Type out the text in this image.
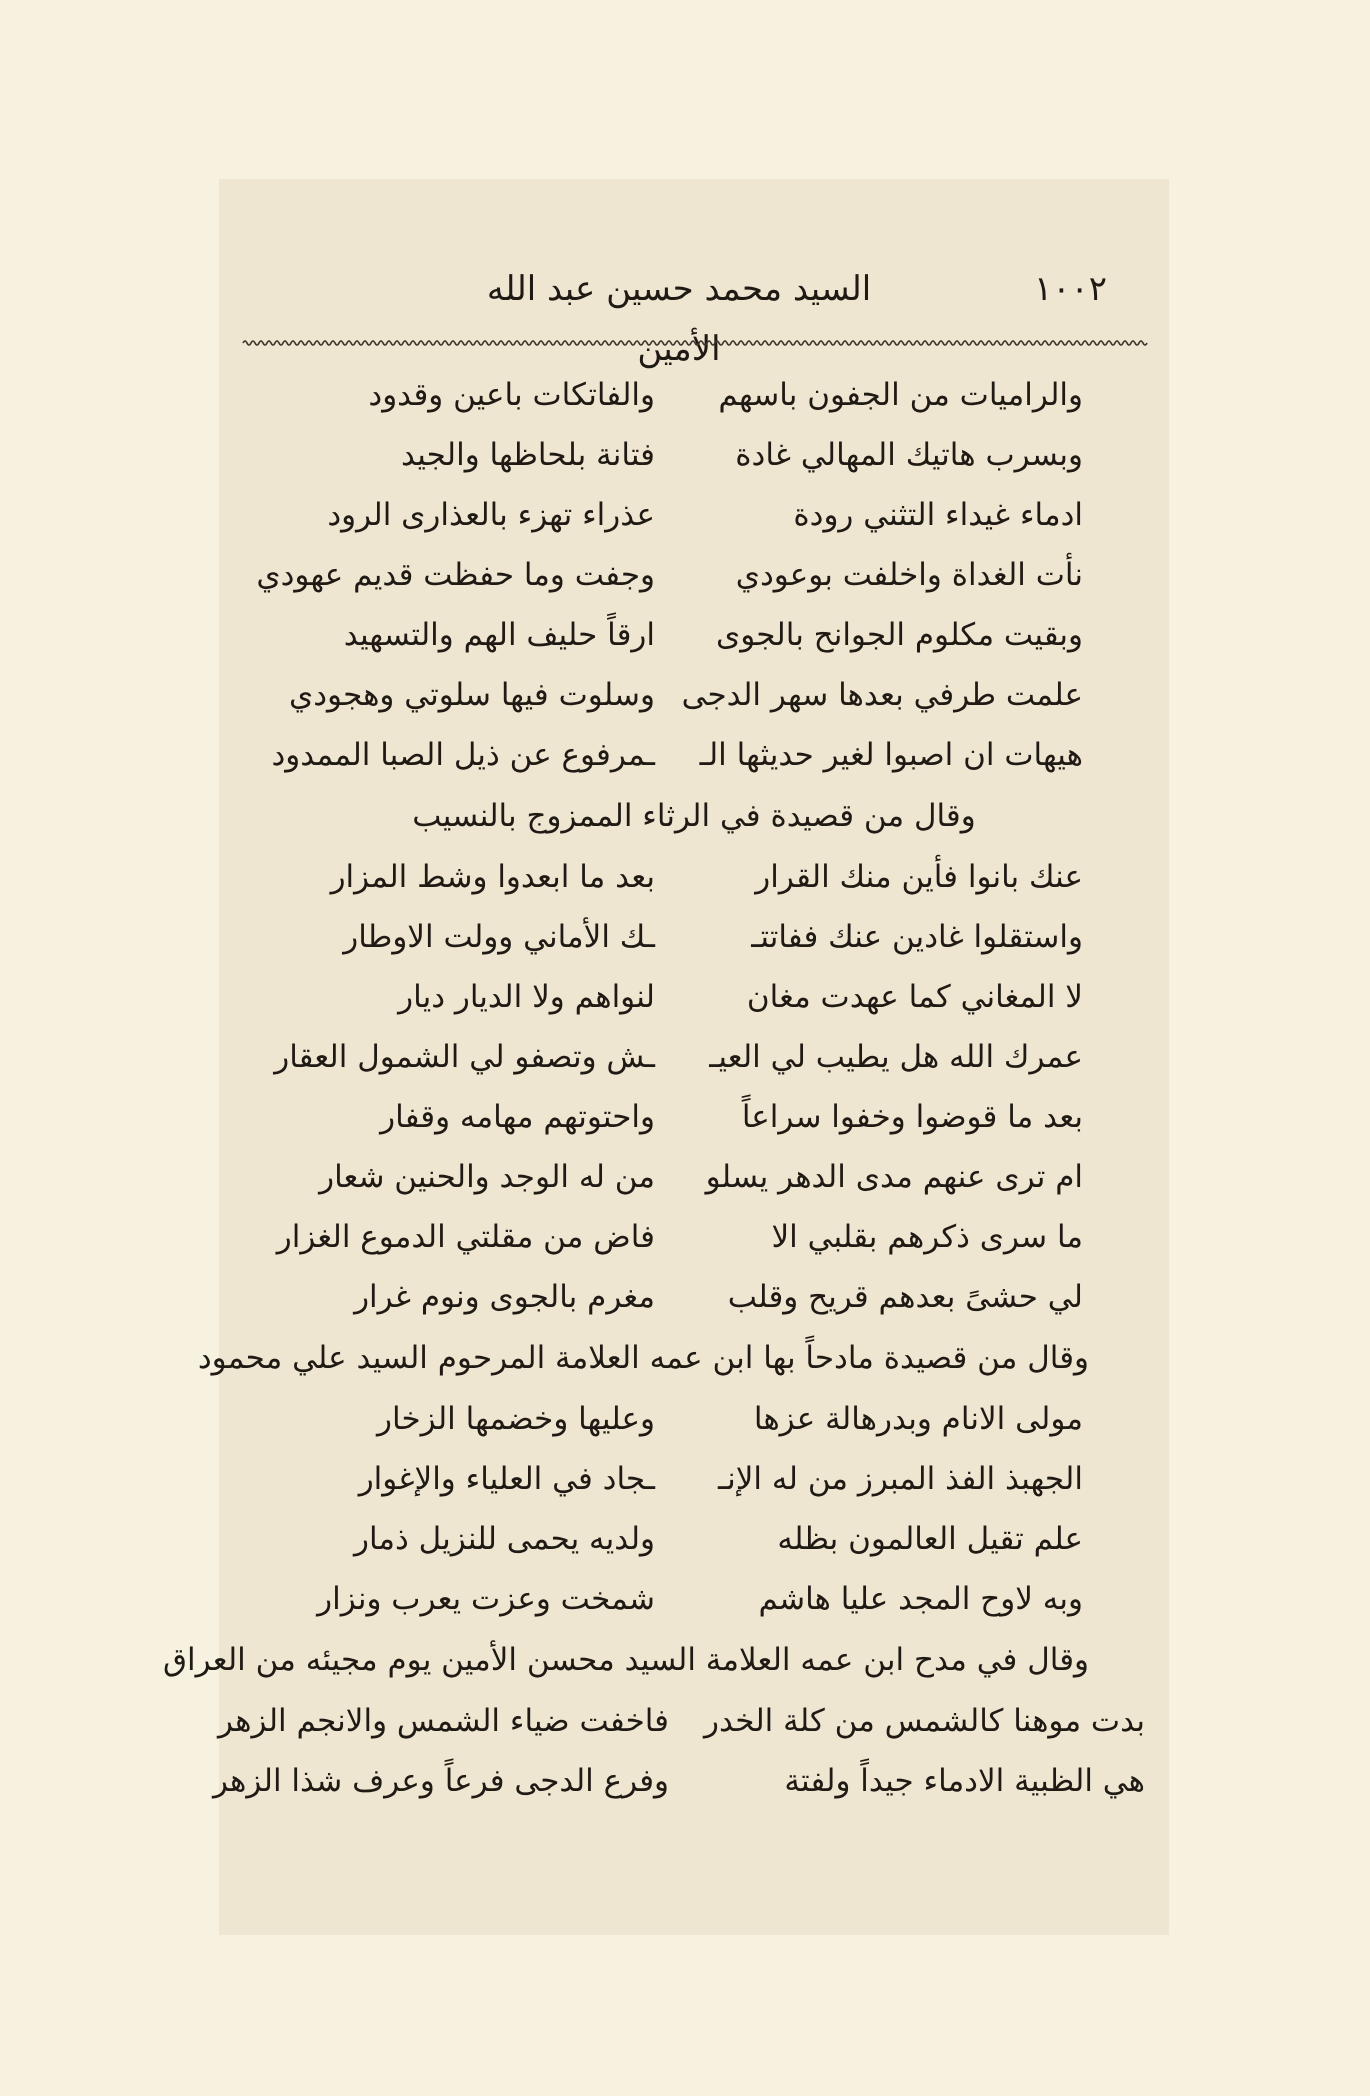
١٠٠٢
السيد محمد حسين عبد الله الأمين
والراميات من الجفون باسهم
والفاتكات باعين وقدود
وبسرب هاتيك المهالي غادة
فتانة بلحاظها والجيد
ادماء غيداء التثني رودة
عذراء تهزء بالعذارى الرود
نأت الغداة واخلفت بوعودي
وجفت وما حفظت قديم عهودي
وبقيت مكلوم الجوانح بالجوى
ارقاً حليف الهم والتسهيد
علمت طرفي بعدها سهر الدجى
وسلوت فيها سلوتي وهجودي
هيهات ان اصبوا لغير حديثها الـ
ـمرفوع عن ذيل الصبا الممدود
وقال من قصيدة في الرثاء الممزوج بالنسيب
عنك بانوا فأين منك القرار
بعد ما ابعدوا وشط المزار
واستقلوا غادين عنك ففاتتـ
ـك الأماني وولت الاوطار
لا المغاني كما عهدت مغان
لنواهم ولا الديار ديار
عمرك الله هل يطيب لي العيـ
ـش وتصفو لي الشمول العقار
بعد ما قوضوا وخفوا سراعاً
واحتوتهم مهامه وقفار
ام ترى عنهم مدى الدهر يسلو
من له الوجد والحنين شعار
ما سرى ذكرهم بقلبي الا
فاض من مقلتي الدموع الغزار
لي حشىً بعدهم قريح وقلب
مغرم بالجوى ونوم غرار
وقال من قصيدة مادحاً بها ابن عمه العلامة المرحوم السيد علي محمود
مولى الانام وبدرهالة عزها
وعليها وخضمها الزخار
الجهبذ الفذ المبرز من له الإنـ
ـجاد في العلياء والإغوار
علم تقيل العالمون بظله
ولديه يحمى للنزيل ذمار
وبه لاوح المجد عليا هاشم
شمخت وعزت يعرب ونزار
وقال في مدح ابن عمه العلامة السيد محسن الأمين يوم مجيئه من العراق
بدت موهنا كالشمس من كلة الخدر
فاخفت ضياء الشمس والانجم الزهر
هي الظبية الادماء جيداً ولفتة
وفرع الدجى فرعاً وعرف شذا الزهر
